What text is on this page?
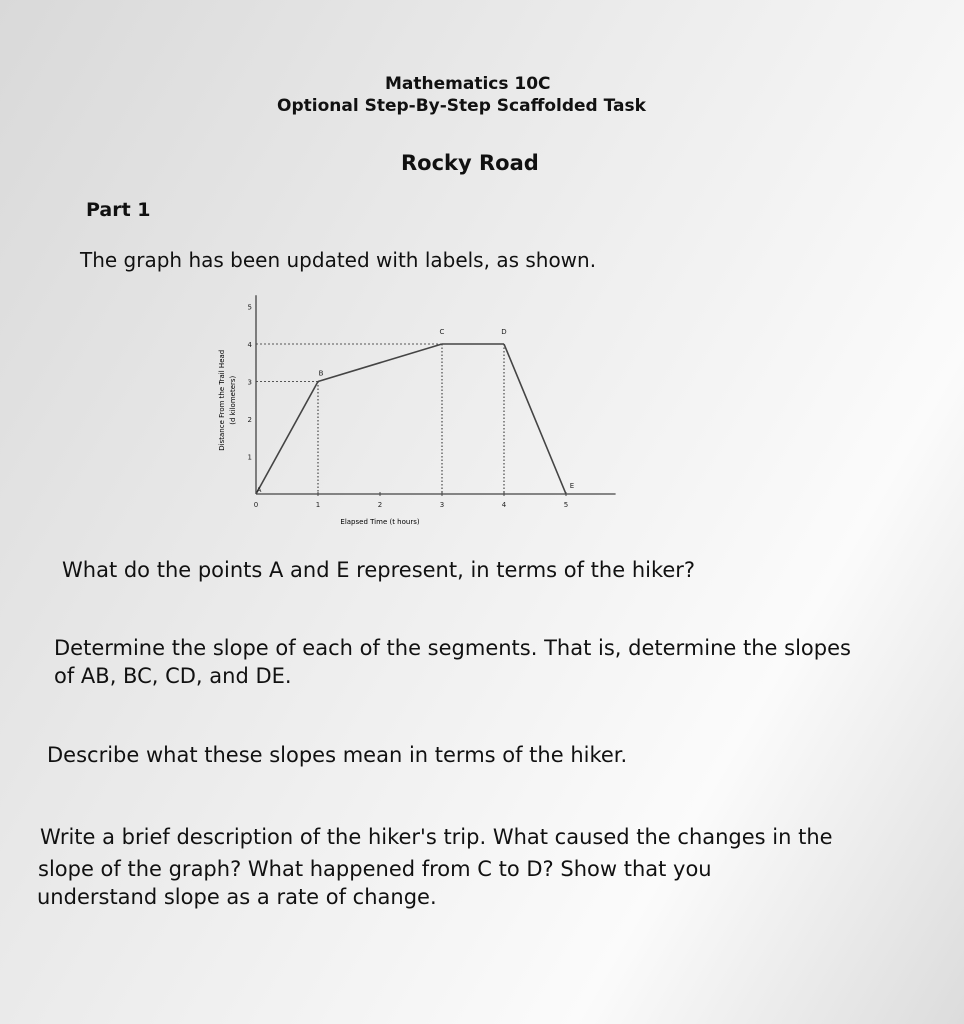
Mathematics 10C
Optional Step-By-Step Scaffolded Task
Rocky Road
Part 1
The graph has been updated with labels, as shown.
1	2	3	4	5
0
1
2
3
4
5
A
B
C	D
E
Elapsed Time (t hours)
Distance From the Trail Head (d kilometers)
What do the points A and E represent, in terms of the hiker?
Determine the slope of each of the segments. That is, determine the slopes
of AB, BC, CD, and DE.
Describe what these slopes mean in terms of the hiker.
Write a brief description of the hiker's trip. What caused the changes in the
slope of the graph? What happened from C to D? Show that you
understand slope as a rate of change.
